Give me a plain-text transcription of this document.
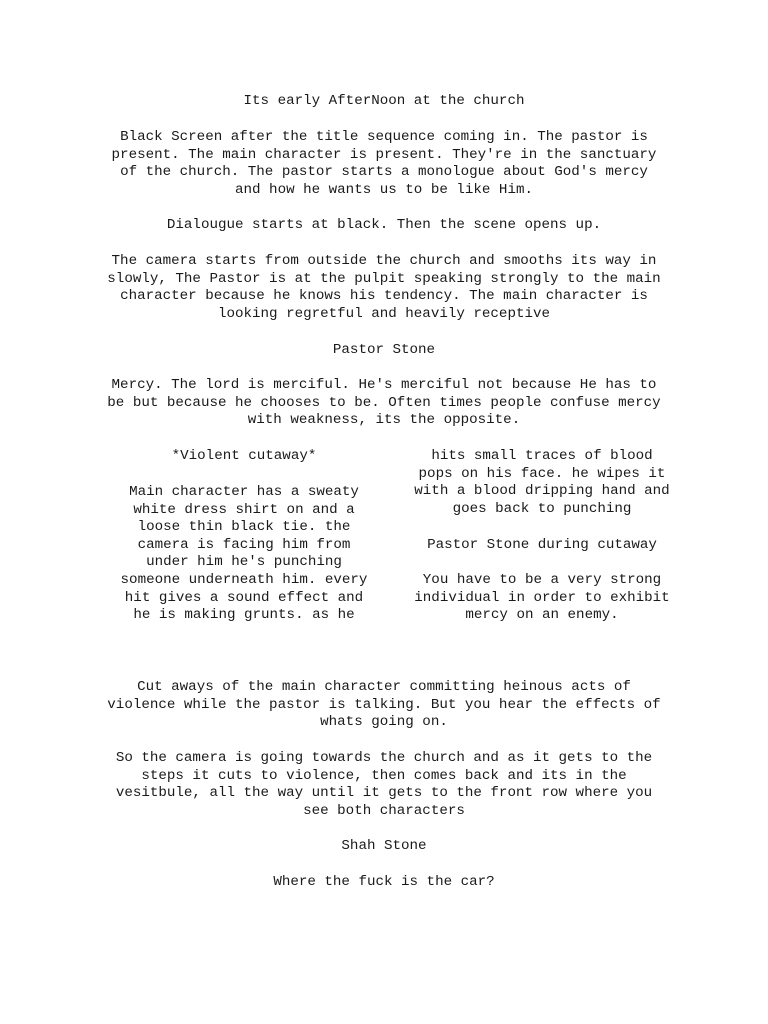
Its early AfterNoon at the church
Black Screen after the title sequence coming in. The pastor is
present. The main character is present. They're in the sanctuary
of the church. The pastor starts a monologue about God's mercy
and how he wants us to be like Him.
Dialougue starts at black. Then the scene opens up.
The camera starts from outside the church and smooths its way in
slowly, The Pastor is at the pulpit speaking strongly to the main
character because he knows his tendency. The main character is
looking regretful and heavily receptive
Pastor Stone
Mercy. The lord is merciful. He's merciful not because He has to
be but because he chooses to be. Often times people confuse mercy
with weakness, its the opposite.
*Violent cutaway*
Main character has a sweaty
white dress shirt on and a
loose thin black tie. the
camera is facing him from
under him he's punching
someone underneath him. every
hit gives a sound effect and
he is making grunts. as he
hits small traces of blood
pops on his face. he wipes it
with a blood dripping hand and
goes back to punching
Pastor Stone during cutaway
You have to be a very strong
individual in order to exhibit
mercy on an enemy.
Cut aways of the main character committing heinous acts of
violence while the pastor is talking. But you hear the effects of
whats going on.
So the camera is going towards the church and as it gets to the
steps it cuts to violence, then comes back and its in the
vesitbule, all the way until it gets to the front row where you
see both characters
Shah Stone
Where the fuck is the car?
